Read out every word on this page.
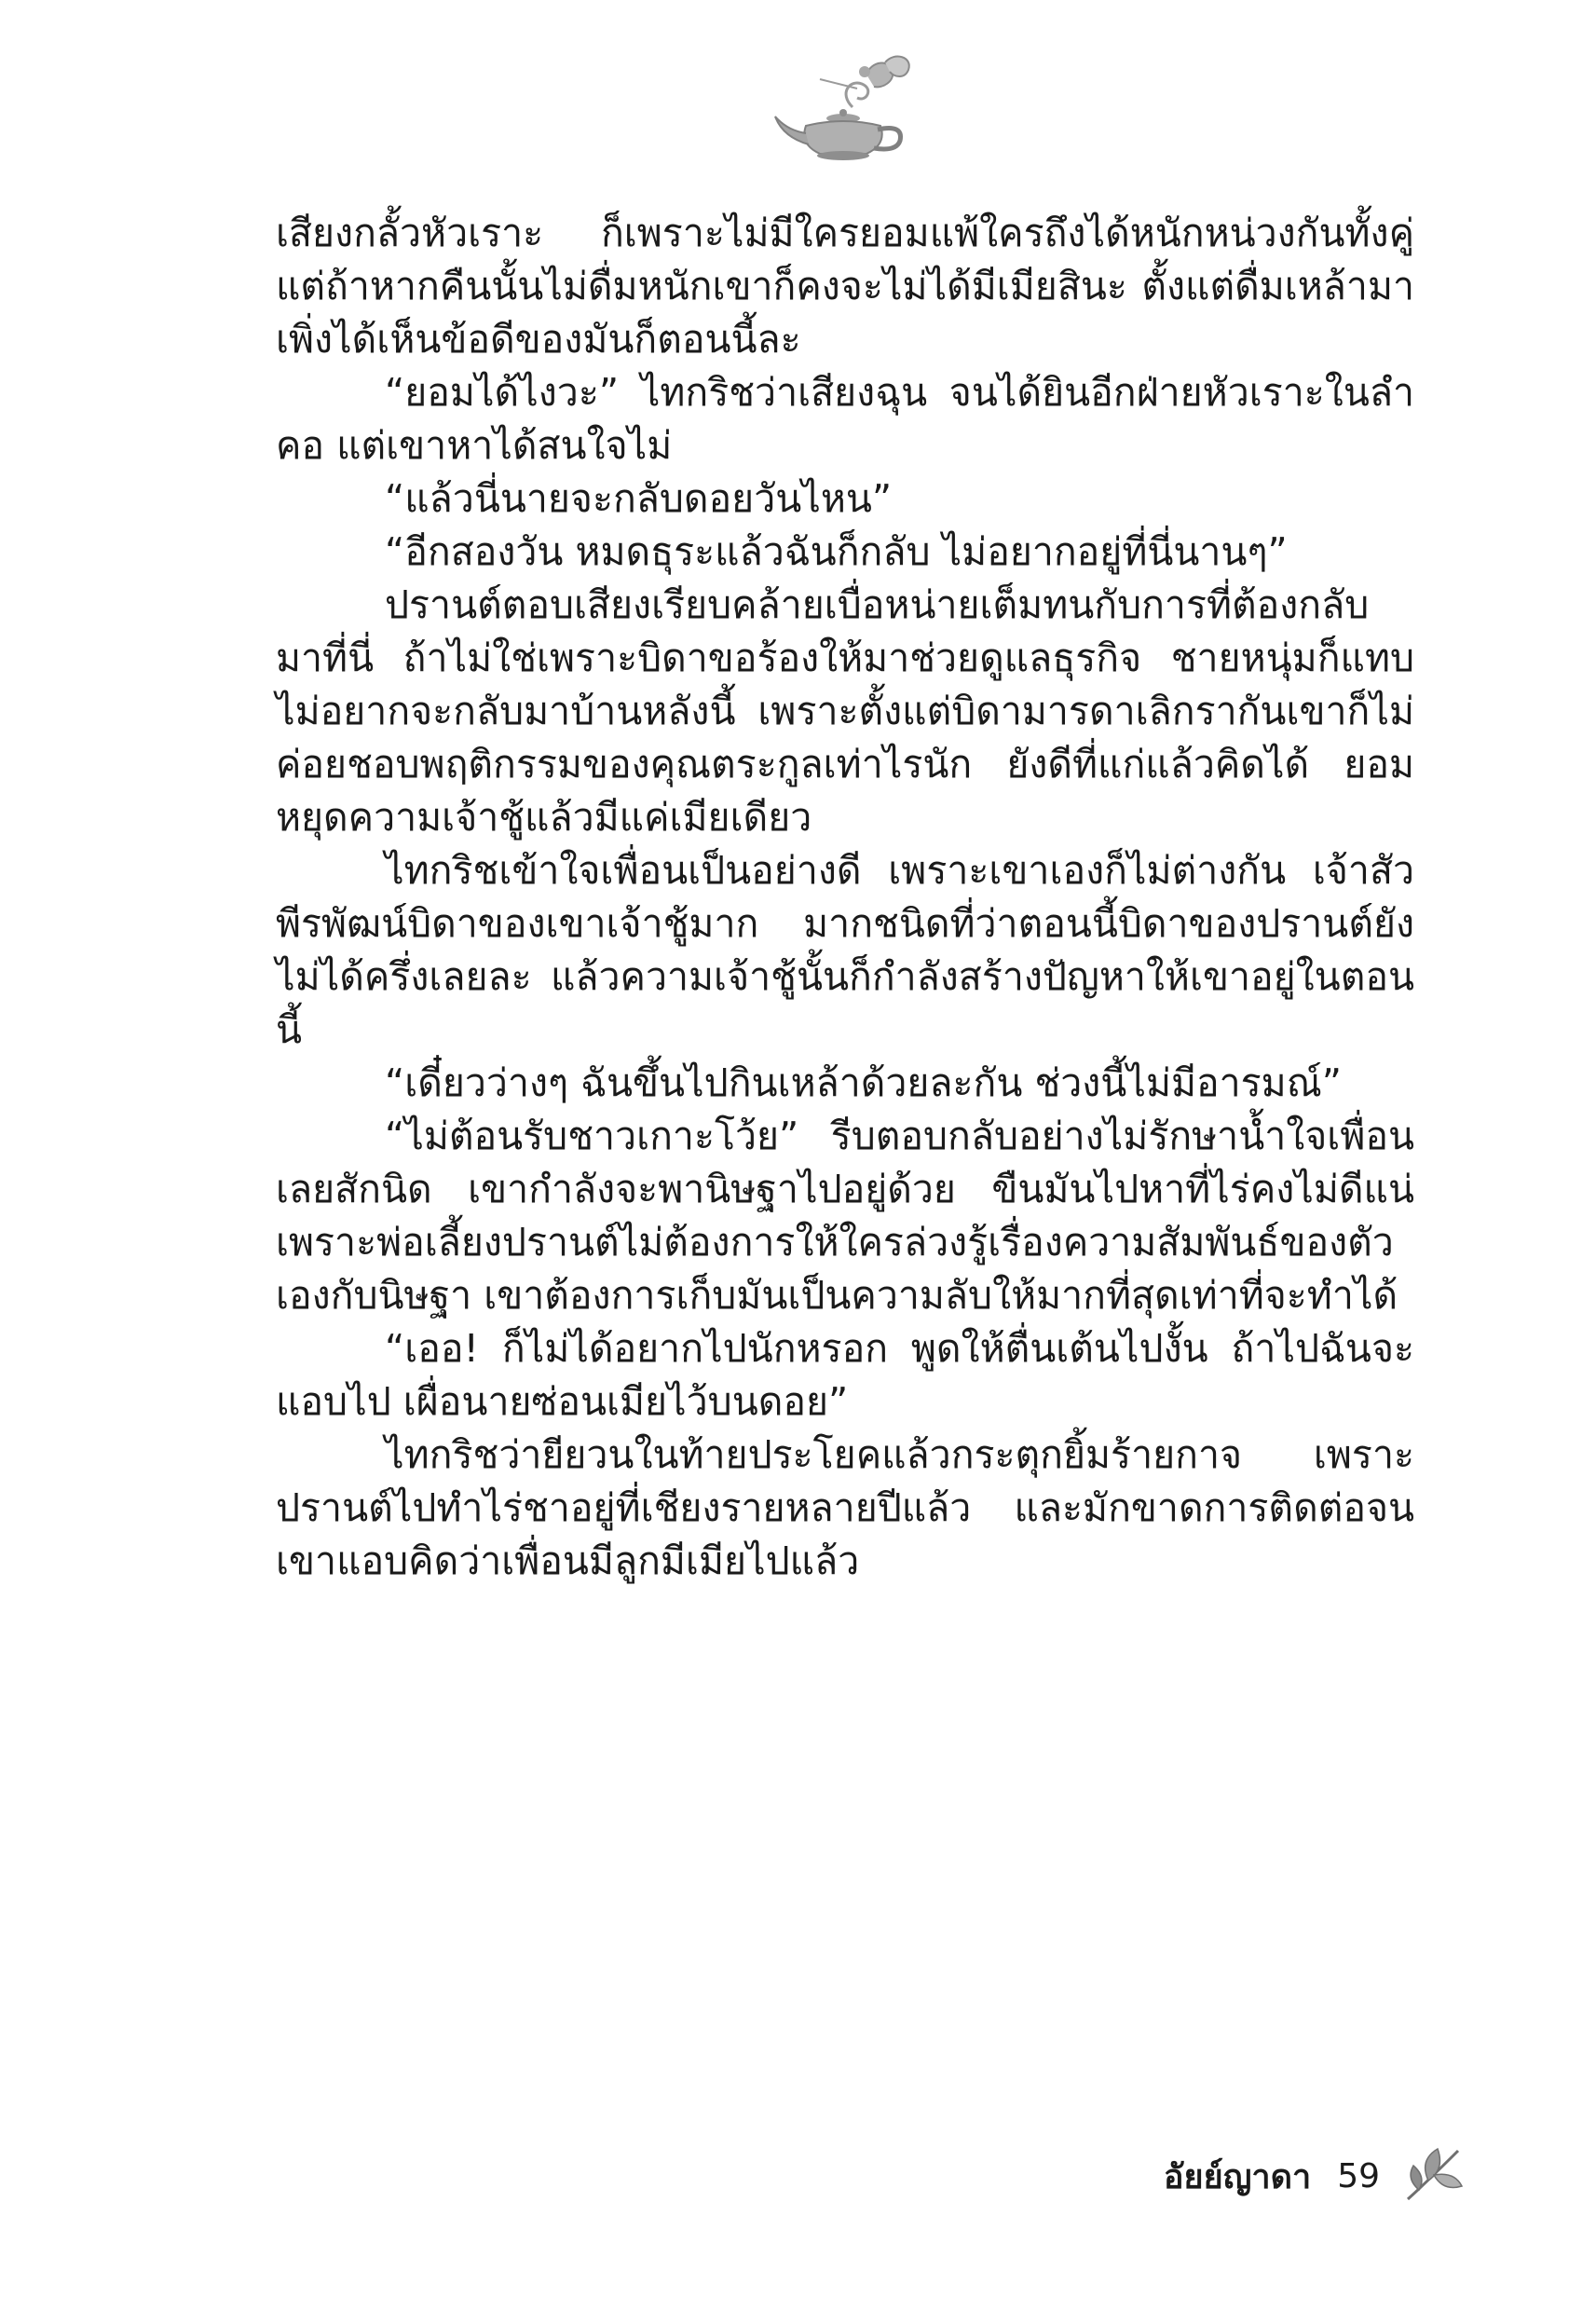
เสียงกลั้วหัวเราะ ก็เพราะไม่มีใครยอมแพ้ใครถึงได้หนักหน่วงกันทั้งคู่ แต่ถ้าหากคืนนั้นไม่ดื่มหนักเขาก็คงจะไม่ได้มีเมียสินะ ตั้งแต่ดื่มเหล้ามา เพิ่งได้เห็นข้อดีของมันก็ตอนนี้ละ

“ยอมได้ไงวะ” ไทกริชว่าเสียงฉุน จนได้ยินอีกฝ่ายหัวเราะในลำคอ แต่เขาหาได้สนใจไม่

“แล้วนี่นายจะกลับดอยวันไหน”

“อีกสองวัน หมดธุระแล้วฉันก็กลับ ไม่อยากอยู่ที่นี่นานๆ”

ปรานต์ตอบเสียงเรียบคล้ายเบื่อหน่ายเต็มทนกับการที่ต้องกลับมาที่นี่ ถ้าไม่ใช่เพราะบิดาขอร้องให้มาช่วยดูแลธุรกิจ ชายหนุ่มก็แทบไม่อยากจะกลับมาบ้านหลังนี้ เพราะตั้งแต่บิดามารดาเลิกรากันเขาก็ไม่ค่อยชอบพฤติกรรมของคุณตระกูลเท่าไรนัก ยังดีที่แก่แล้วคิดได้ ยอมหยุดความเจ้าชู้แล้วมีแค่เมียเดียว

ไทกริชเข้าใจเพื่อนเป็นอย่างดี เพราะเขาเองก็ไม่ต่างกัน เจ้าสัวพีรพัฒน์บิดาของเขาเจ้าชู้มาก มากชนิดที่ว่าตอนนี้บิดาของปรานต์ยังไม่ได้ครึ่งเลยละ แล้วความเจ้าชู้นั้นก็กำลังสร้างปัญหาให้เขาอยู่ในตอนนี้

“เดี๋ยวว่างๆ ฉันขึ้นไปกินเหล้าด้วยละกัน ช่วงนี้ไม่มีอารมณ์”

“ไม่ต้อนรับชาวเกาะโว้ย” รีบตอบกลับอย่างไม่รักษาน้ำใจเพื่อนเลยสักนิด เขากำลังจะพานิษฐาไปอยู่ด้วย ขืนมันไปหาที่ไร่คงไม่ดีแน่ เพราะพ่อเลี้ยงปรานต์ไม่ต้องการให้ใครล่วงรู้เรื่องความสัมพันธ์ของตัวเองกับนิษฐา เขาต้องการเก็บมันเป็นความลับให้มากที่สุดเท่าที่จะทำได้

“เออ! ก็ไม่ได้อยากไปนักหรอก พูดให้ตื่นเต้นไปงั้น ถ้าไปฉันจะแอบไป เผื่อนายซ่อนเมียไว้บนดอย”

ไทกริชว่ายียวนในท้ายประโยคแล้วกระตุกยิ้มร้ายกาจ เพราะปรานต์ไปทำไร่ชาอยู่ที่เชียงรายหลายปีแล้ว และมักขาดการติดต่อจนเขาแอบคิดว่าเพื่อนมีลูกมีเมียไปแล้ว

อัยย์ญาดา 59
